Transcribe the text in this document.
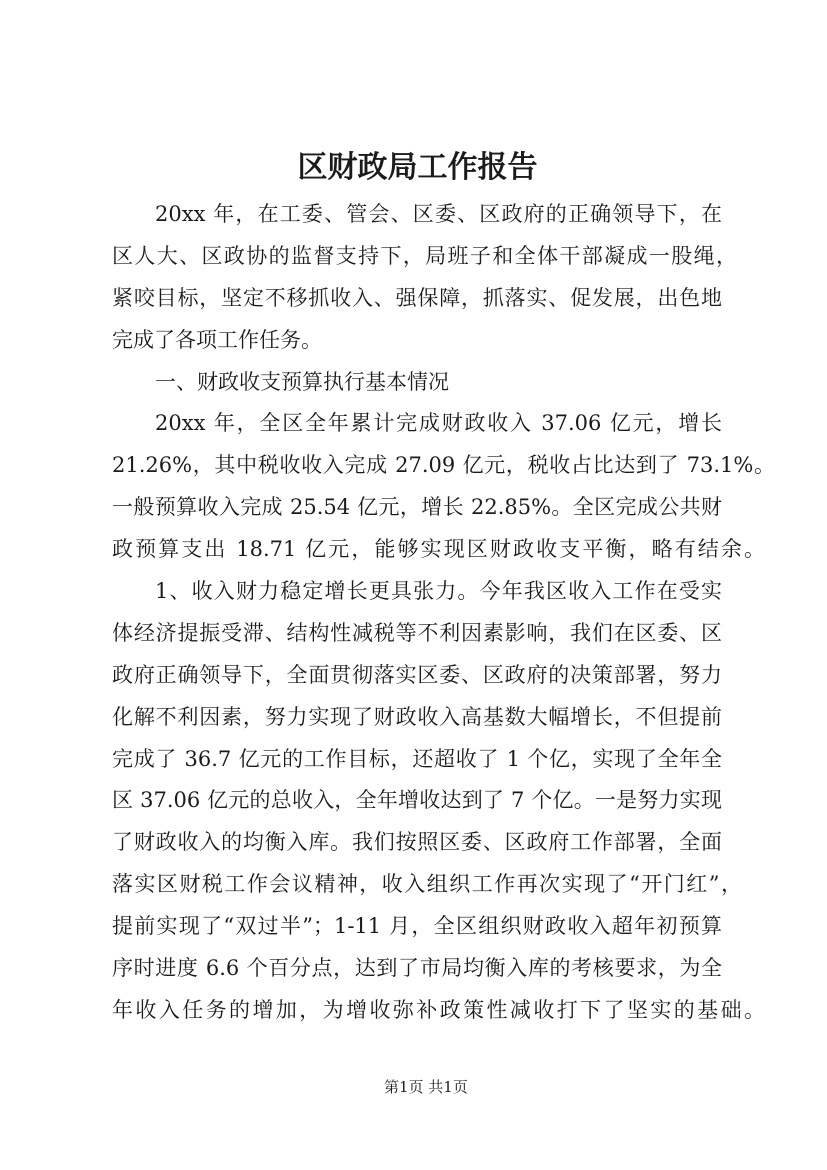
区财政局工作报告
20xx 年，在工委、管会、区委、区政府的正确领导下，在
区人大、区政协的监督支持下，局班子和全体干部凝成一股绳，
紧咬目标，坚定不移抓收入、强保障，抓落实、促发展，出色地
完成了各项工作任务。
一、财政收支预算执行基本情况
20xx 年，全区全年累计完成财政收入 37.06 亿元，增长
21.26%，其中税收收入完成 27.09 亿元，税收占比达到了 73.1%。
一般预算收入完成 25.54 亿元，增长 22.85%。全区完成公共财
政预算支出 18.71 亿元，能够实现区财政收支平衡，略有结余。
1、收入财力稳定增长更具张力。今年我区收入工作在受实
体经济提振受滞、结构性减税等不利因素影响，我们在区委、区
政府正确领导下，全面贯彻落实区委、区政府的决策部署，努力
化解不利因素，努力实现了财政收入高基数大幅增长，不但提前
完成了 36.7 亿元的工作目标，还超收了 1 个亿，实现了全年全
区 37.06 亿元的总收入，全年增收达到了 7 个亿。一是努力实现
了财政收入的均衡入库。我们按照区委、区政府工作部署，全面
落实区财税工作会议精神，收入组织工作再次实现了“开门红”，
提前实现了“双过半”；1-11 月，全区组织财政收入超年初预算
序时进度 6.6 个百分点，达到了市局均衡入库的考核要求，为全
年收入任务的增加，为增收弥补政策性减收打下了坚实的基础。
第1页 共1页
